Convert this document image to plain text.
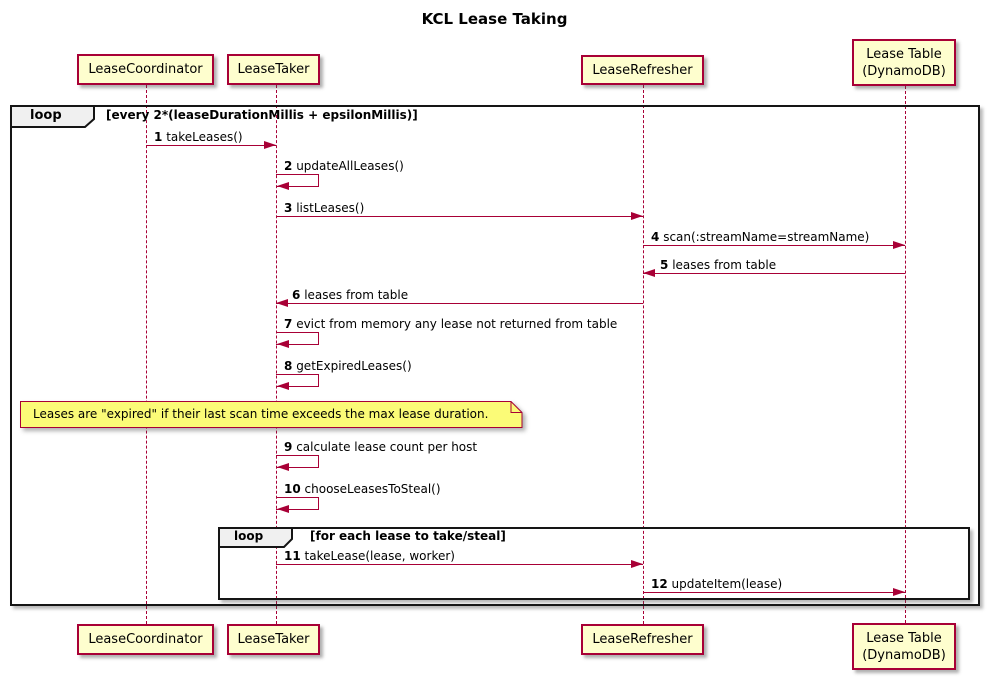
KCL Lease Taking
LeaseCoordinator	LeaseTaker	LeaseRefresher
Lease Table
(DynamoDB)
loop	[every 2*(leaseDurationMillis + epsilonMillis)]
1 takeLeases()
2 updateAllLeases()
3 listLeases()
4 scan(:streamName=streamName)
5 leases from table
6 leases from table
7 evict from memory any lease not returned from table
8 getExpiredLeases()
Leases are "expired" if their last scan time exceeds the max lease duration.
9 calculate lease count per host
10 chooseLeasesToSteal()
loop	[for each lease to take/steal]
11 takeLease(lease, worker)
12 updateItem(lease)
LeaseCoordinator	LeaseTaker	LeaseRefresher	Lease Table
(DynamoDB)
